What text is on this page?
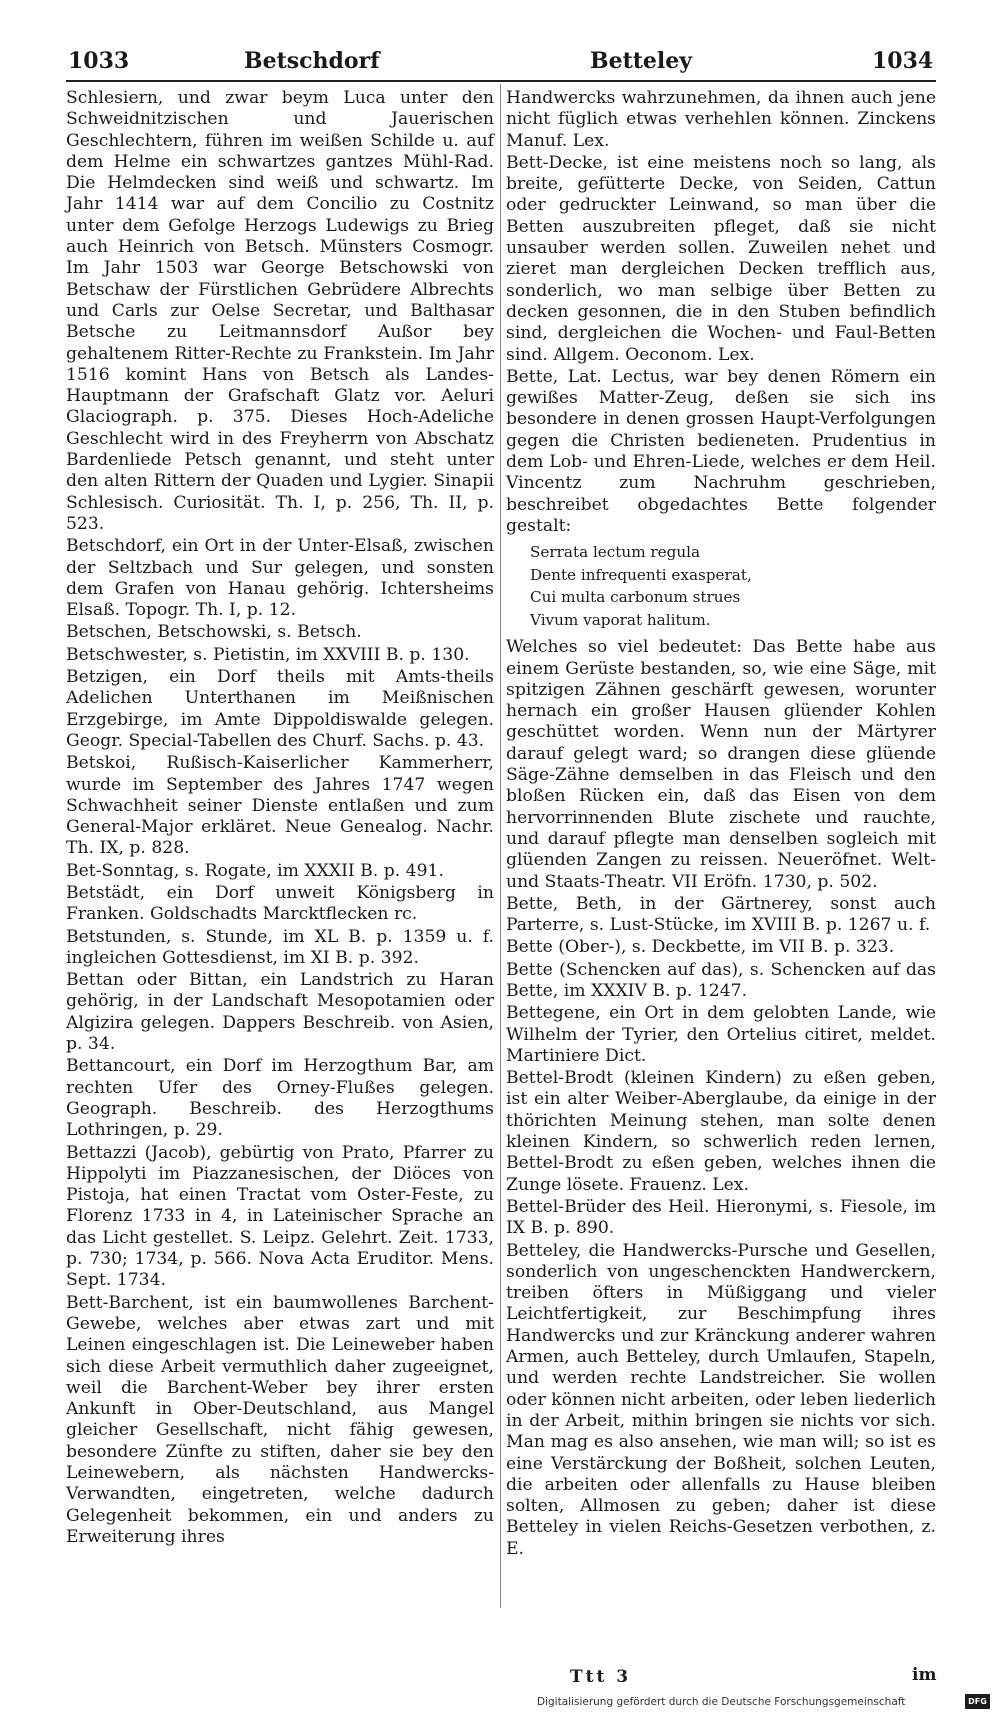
1033	Betschdorf	Betteley	1034

Schlesiern, und zwar beym Luca unter den Schweidnitzischen und Jauerischen Geschlechtern, führen im weißen Schilde u. auf dem Helme ein schwartzes gantzes Mühl-Rad. Die Helmdecken sind weiß und schwartz. Im Jahr 1414 war auf dem Concilio zu Costnitz unter dem Gefolge Herzogs Ludewigs zu Brieg auch Heinrich von Betsch. Münsters Cosmogr. Im Jahr 1503 war George Betschowski von Betschaw der Fürstlichen Gebrüdere Albrechts und Carls zur Oelse Secretar, und Balthasar Betsche zu Leitmannsdorf Außor bey gehaltenem Ritter-Rechte zu Frankstein. Im Jahr 1516 komint Hans von Betsch als Landes-Hauptmann der Grafschaft Glatz vor. Aeluri Glaciograph. p. 375. Dieses Hoch-Adeliche Geschlecht wird in des Freyherrn von Abschatz Bardenliede Petsch genannt, und steht unter den alten Rittern der Quaden und Lygier. Sinapii Schlesisch. Curiosität. Th. I, p. 256, Th. II, p. 523.

Betschdorf, ein Ort in der Unter-Elsaß, zwischen der Seltzbach und Sur gelegen, und sonsten dem Grafen von Hanau gehörig. Ichtersheims Elsaß. Topogr. Th. I, p. 12.

Betschen, Betschowski, s. Betsch.

Betschwester, s. Pietistin, im XXVIII B. p. 130.

Betzigen, ein Dorf theils mit Amts-theils Adelichen Unterthanen im Meißnischen Erzgebirge, im Amte Dippoldiswalde gelegen. Geogr. Special-Tabellen des Churf. Sachs. p. 43.

Betskoi, Rußisch-Kaiserlicher Kammerherr, wurde im September des Jahres 1747 wegen Schwachheit seiner Dienste entlaßen und zum General-Major erkläret. Neue Genealog. Nachr. Th. IX, p. 828.

Bet-Sonntag, s. Rogate, im XXXII B. p. 491.

Betstädt, ein Dorf unweit Königsberg in Franken. Goldschadts Marcktflecken rc.

Betstunden, s. Stunde, im XL B. p. 1359 u. f. ingleichen Gottesdienst, im XI B. p. 392.

Bettan oder Bittan, ein Landstrich zu Haran gehörig, in der Landschaft Mesopotamien oder Algizira gelegen. Dappers Beschreib. von Asien, p. 34.

Bettancourt, ein Dorf im Herzogthum Bar, am rechten Ufer des Orney-Flußes gelegen. Geograph. Beschreib. des Herzogthums Lothringen, p. 29.

Bettazzi (Jacob), gebürtig von Prato, Pfarrer zu Hippolyti im Piazzanesischen, der Diöces von Pistoja, hat einen Tractat vom Oster-Feste, zu Florenz 1733 in 4, in Lateinischer Sprache an das Licht gestellet. S. Leipz. Gelehrt. Zeit. 1733, p. 730; 1734, p. 566. Nova Acta Eruditor. Mens. Sept. 1734.

Bett-Barchent, ist ein baumwollenes Barchent-Gewebe, welches aber etwas zart und mit Leinen eingeschlagen ist. Die Leineweber haben sich diese Arbeit vermuthlich daher zugeeignet, weil die Barchent-Weber bey ihrer ersten Ankunft in Ober-Deutschland, aus Mangel gleicher Gesellschaft, nicht fähig gewesen, besondere Zünfte zu stiften, daher sie bey den Leinewebern, als nächsten Handwercks-Verwandten, eingetreten, welche dadurch Gelegenheit bekommen, ein und anders zu Erweiterung ihres

Handwercks wahrzunehmen, da ihnen auch jene nicht füglich etwas verhehlen können. Zinckens Manuf. Lex.

Bett-Decke, ist eine meistens noch so lang, als breite, gefütterte Decke, von Seiden, Cattun oder gedruckter Leinwand, so man über die Betten auszubreiten pfleget, daß sie nicht unsauber werden sollen. Zuweilen nehet und zieret man dergleichen Decken trefflich aus, sonderlich, wo man selbige über Betten zu decken gesonnen, die in den Stuben befindlich sind, dergleichen die Wochen- und Faul-Betten sind. Allgem. Oeconom. Lex.

Bette, Lat. Lectus, war bey denen Römern ein gewißes Matter-Zeug, deßen sie sich ins besondere in denen grossen Haupt-Verfolgungen gegen die Christen bedieneten. Prudentius in dem Lob- und Ehren-Liede, welches er dem Heil. Vincentz zum Nachruhm geschrieben, beschreibet obgedachtes Bette folgender gestalt:

Serrata lectum regula
Dente infrequenti exasperat,
Cui multa carbonum strues
Vivum vaporat halitum.

Welches so viel bedeutet: Das Bette habe aus einem Gerüste bestanden, so, wie eine Säge, mit spitzigen Zähnen geschärft gewesen, worunter hernach ein großer Hausen glüender Kohlen geschüttet worden. Wenn nun der Märtyrer darauf gelegt ward; so drangen diese glüende Säge-Zähne demselben in das Fleisch und den bloßen Rücken ein, daß das Eisen von dem hervorrinnenden Blute zischete und rauchte, und darauf pflegte man denselben sogleich mit glüenden Zangen zu reissen. Neueröfnet. Welt- und Staats-Theatr. VII Eröfn. 1730, p. 502.

Bette, Beth, in der Gärtnerey, sonst auch Parterre, s. Lust-Stücke, im XVIII B. p. 1267 u. f.

Bette (Ober-), s. Deckbette, im VII B. p. 323.

Bette (Schencken auf das), s. Schencken auf das Bette, im XXXIV B. p. 1247.

Bettegene, ein Ort in dem gelobten Lande, wie Wilhelm der Tyrier, den Ortelius citiret, meldet. Martiniere Dict.

Bettel-Brodt (kleinen Kindern) zu eßen geben, ist ein alter Weiber-Aberglaube, da einige in der thörichten Meinung stehen, man solte denen kleinen Kindern, so schwerlich reden lernen, Bettel-Brodt zu eßen geben, welches ihnen die Zunge lösete. Frauenz. Lex.

Bettel-Brüder des Heil. Hieronymi, s. Fiesole, im IX B. p. 890.

Betteley, die Handwercks-Pursche und Gesellen, sonderlich von ungeschenckten Handwerckern, treiben öfters in Müßiggang und vieler Leichtfertigkeit, zur Beschimpfung ihres Handwercks und zur Kränckung anderer wahren Armen, auch Betteley, durch Umlaufen, Stapeln, und werden rechte Landstreicher. Sie wollen oder können nicht arbeiten, oder leben liederlich in der Arbeit, mithin bringen sie nichts vor sich. Man mag es also ansehen, wie man will; so ist es eine Verstärckung der Boßheit, solchen Leuten, die arbeiten oder allenfalls zu Hause bleiben solten, Allmosen zu geben; daher ist diese Betteley in vielen Reichs-Gesetzen verbothen, z. E.

Ttt 3	im
Digitalisierung gefördert durch die Deutsche Forschungsgemeinschaft	DFG
